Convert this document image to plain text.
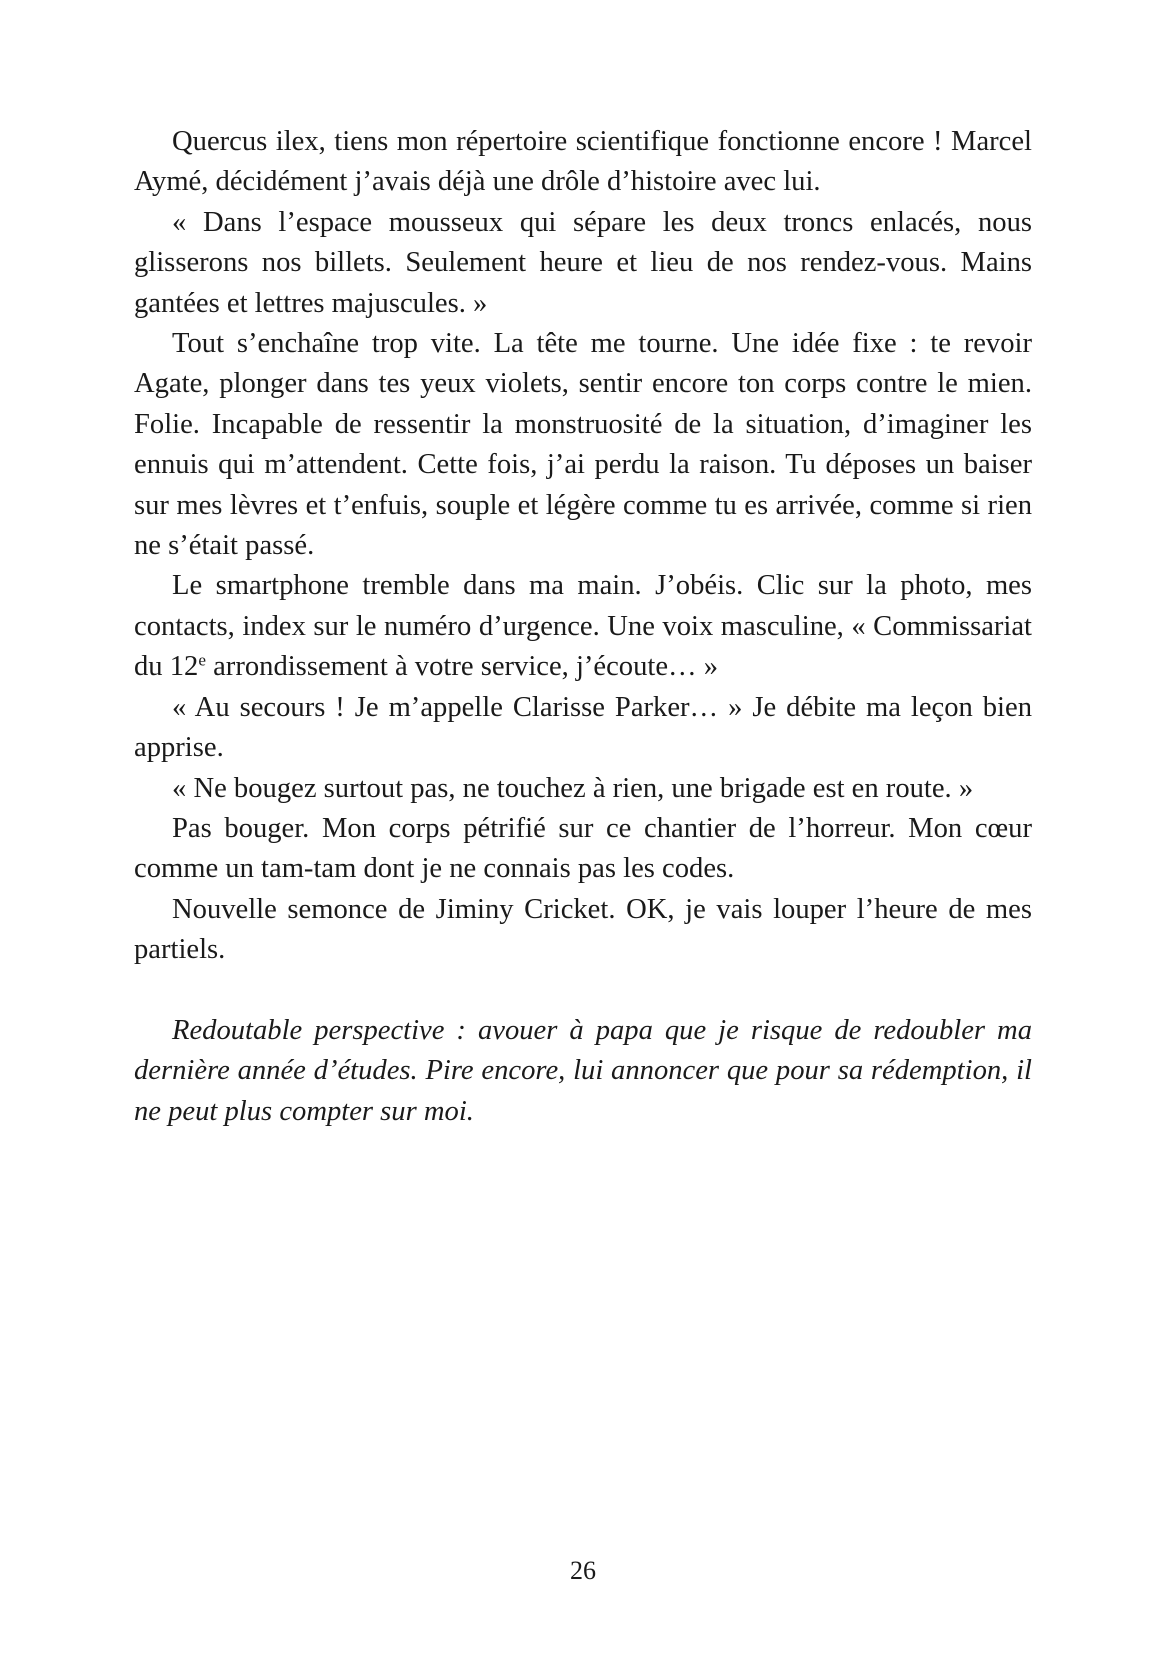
Quercus ilex, tiens mon répertoire scientifique fonctionne encore ! Marcel Aymé, décidément j’avais déjà une drôle d’histoire avec lui.

« Dans l’espace mousseux qui sépare les deux troncs enlacés, nous glisserons nos billets. Seulement heure et lieu de nos rendez-vous. Mains gantées et lettres majuscules. »

Tout s’enchaîne trop vite. La tête me tourne. Une idée fixe : te revoir Agate, plonger dans tes yeux violets, sentir encore ton corps contre le mien. Folie. Incapable de ressentir la monstruosité de la situation, d’imaginer les ennuis qui m’attendent. Cette fois, j’ai perdu la raison. Tu déposes un baiser sur mes lèvres et t’enfuis, souple et légère comme tu es arrivée, comme si rien ne s’était passé.

Le smartphone tremble dans ma main. J’obéis. Clic sur la photo, mes contacts, index sur le numéro d’urgence. Une voix masculine, « Commissariat du 12e arrondissement à votre service, j’écoute… »

« Au secours ! Je m’appelle Clarisse Parker… » Je débite ma leçon bien apprise.

« Ne bougez surtout pas, ne touchez à rien, une brigade est en route. »

Pas bouger. Mon corps pétrifié sur ce chantier de l’horreur. Mon cœur comme un tam-tam dont je ne connais pas les codes.

Nouvelle semonce de Jiminy Cricket. OK, je vais louper l’heure de mes partiels.

Redoutable perspective : avouer à papa que je risque de redoubler ma dernière année d’études. Pire encore, lui annoncer que pour sa rédemption, il ne peut plus compter sur moi.

26
